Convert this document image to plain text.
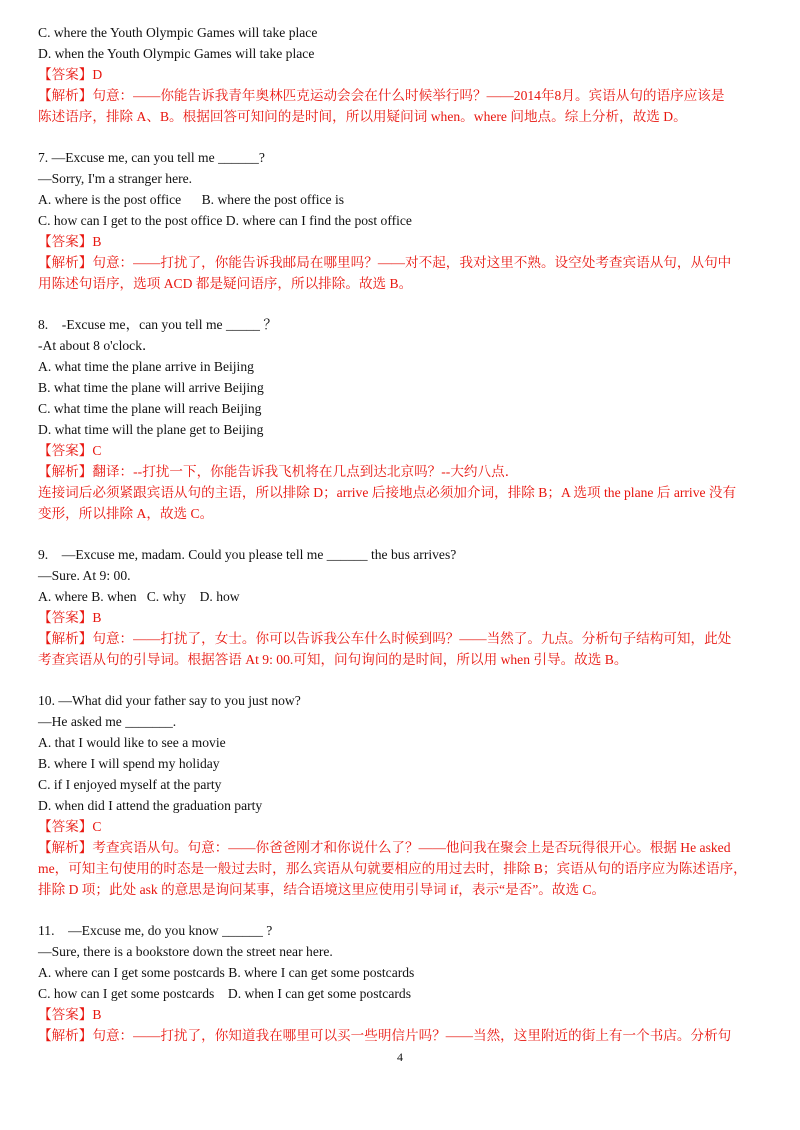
C. where the Youth Olympic Games will take place
D. when the Youth Olympic Games will take place
【答案】D
【解析】句意：——你能告诉我青年奥林匹克运动会会在什么时候举行吗？——2014年8月。宾语从句的语序应该是
陈述语序，排除 A、B。根据回答可知问的是时间，所以用疑问词 when。where 问地点。综上分析，故选 D。
7. —Excuse me, can you tell me ______?
—Sorry, I'm a stranger here.
A. where is the post office      B. where the post office is
C. how can I get to the post office D. where can I find the post office
【答案】B
【解析】句意：——打扰了，你能告诉我邮局在哪里吗？——对不起，我对这里不熟。设空处考查宾语从句，从句中
用陈述句语序，选项 ACD 都是疑问语序，所以排除。故选 B。
8.    -Excuse me，can you tell me _____ ？
-At about 8 o'clock．
A. what time the plane arrive in Beijing
B. what time the plane will arrive Beijing
C. what time the plane will reach Beijing
D. what time will the plane get to Beijing
【答案】C
【解析】翻译：--打扰一下，你能告诉我飞机将在几点到达北京吗？--大约八点．
连接词后必须紧跟宾语从句的主语，所以排除 D；arrive 后接地点必须加介词，排除 B；A 选项 the plane 后 arrive 没有
变形，所以排除 A，故选 C。
9.    —Excuse me, madam. Could you please tell me ______ the bus arrives?
—Sure. At 9: 00.
A. where B. when   C. why    D. how
【答案】B
【解析】句意：——打扰了，女士。你可以告诉我公车什么时候到吗？——当然了。九点。分析句子结构可知，此处
考查宾语从句的引导词。根据答语 At 9: 00.可知，问句询问的是时间，所以用 when 引导。故选 B。
10. —What did your father say to you just now?
—He asked me _______.
A. that I would like to see a movie
B. where I will spend my holiday
C. if I enjoyed myself at the party
D. when did I attend the graduation party
【答案】C
【解析】考查宾语从句。句意：——你爸爸刚才和你说什么了？——他问我在聚会上是否玩得很开心。根据 He asked
me，可知主句使用的时态是一般过去时，那么宾语从句就要相应的用过去时，排除 B；宾语从句的语序应为陈述语序，
排除 D 项；此处 ask 的意思是询问某事，结合语境这里应使用引导词 if，表示“是否”。故选 C。
11.    —Excuse me, do you know ______ ?
—Sure, there is a bookstore down the street near here.
A. where can I get some postcards B. where I can get some postcards
C. how can I get some postcards    D. when I can get some postcards
【答案】B
【解析】句意：——打扰了，你知道我在哪里可以买一些明信片吗？——当然，这里附近的街上有一个书店。分析句
4
